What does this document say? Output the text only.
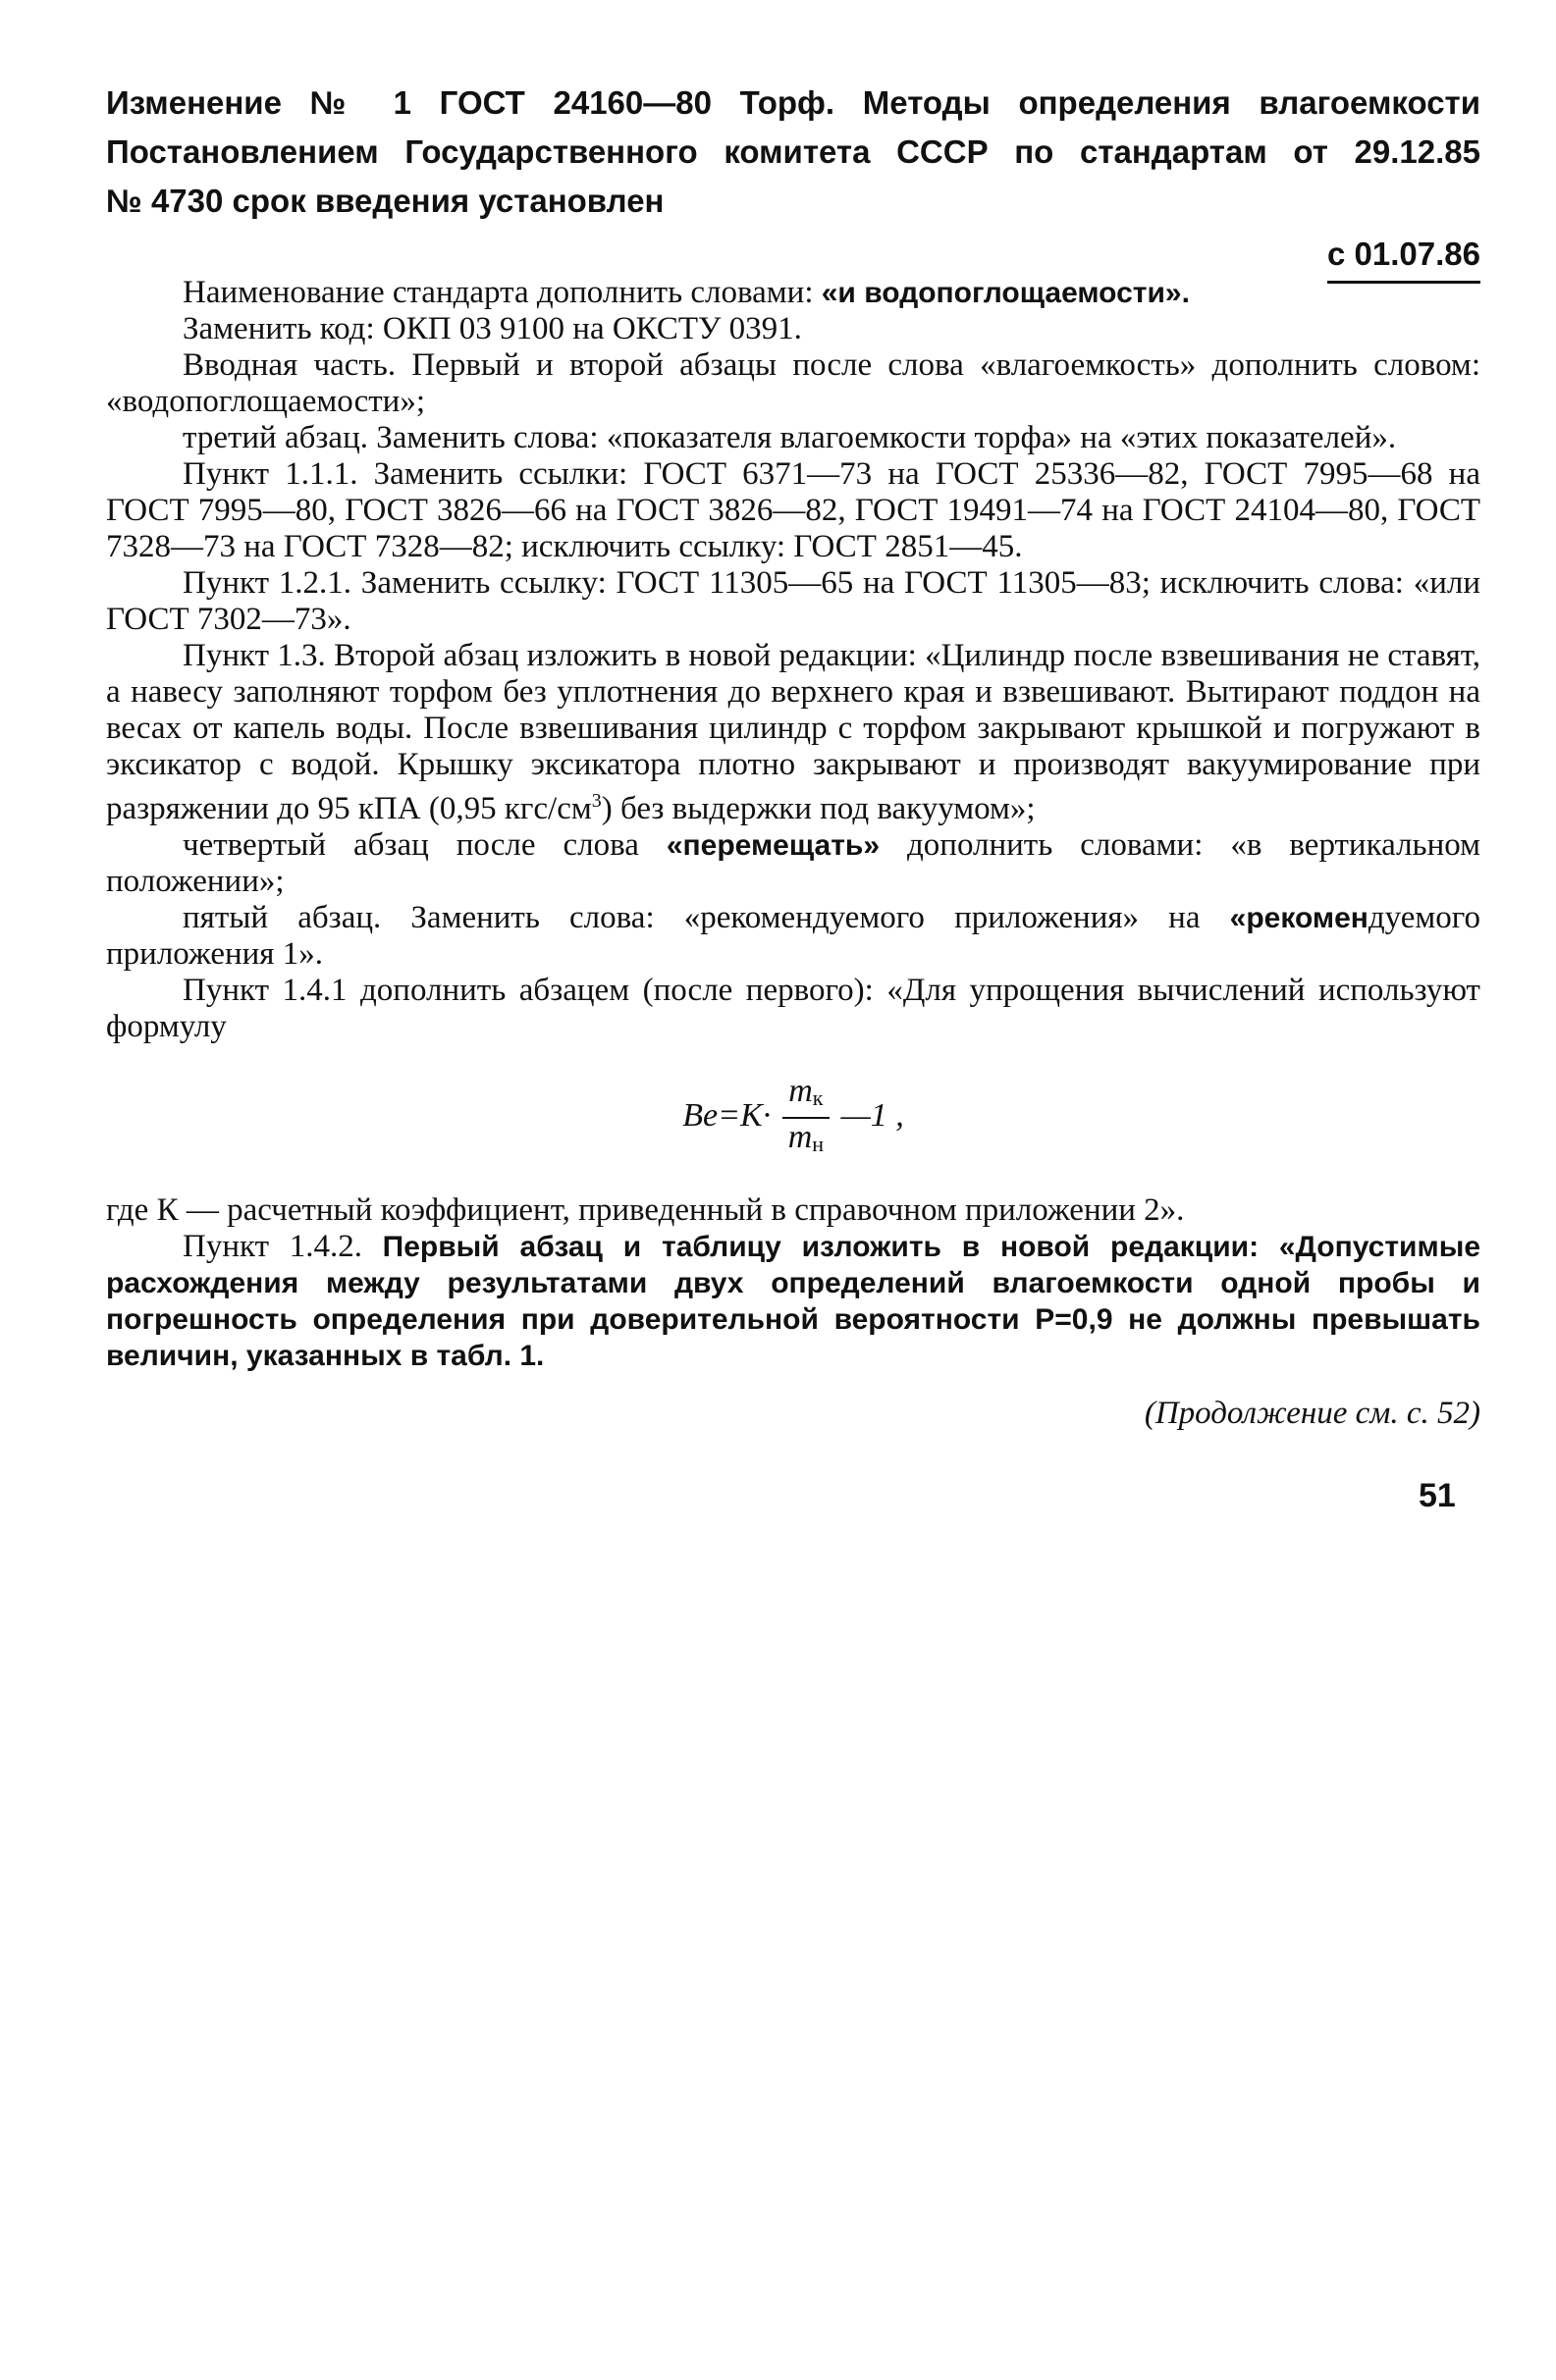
Изменение № 1 ГОСТ 24160—80 Торф. Методы определения влагоемкости
Постановлением Государственного комитета СССР по стандартам от 29.12.85
№ 4730 срок введения установлен
с 01.07.86

Наименование стандарта дополнить словами: «и водопоглощаемости».

Заменить код: ОКП 03 9100 на ОКСТУ 0391.

Вводная часть. Первый и второй абзацы после слова «влагоемкость» дополнить словом: «водопоглощаемости»;

третий абзац. Заменить слова: «показателя влагоемкости торфа» на «этих показателей».

Пункт 1.1.1. Заменить ссылки: ГОСТ 6371—73 на ГОСТ 25336—82, ГОСТ 7995—68 на ГОСТ 7995—80, ГОСТ 3826—66 на ГОСТ 3826—82, ГОСТ 19491—74 на ГОСТ 24104—80, ГОСТ 7328—73 на ГОСТ 7328—82; исключить ссылку: ГОСТ 2851—45.

Пункт 1.2.1. Заменить ссылку: ГОСТ 11305—65 на ГОСТ 11305—83; исключить слова: «или ГОСТ 7302—73».

Пункт 1.3. Второй абзац изложить в новой редакции: «Цилиндр после взвешивания не ставят, а навесу заполняют торфом без уплотнения до верхнего края и взвешивают. Вытирают поддон на весах от капель воды. После взвешивания цилиндр с торфом закрывают крышкой и погружают в эксикатор с водой. Крышку эксикатора плотно закрывают и производят вакуумирование при разряжении до 95 кПА (0,95 кгс/$см^3$) без выдержки под вакуумом»;

четвертый абзац после слова «перемещать» дополнить словами: «в вертикальном положении»;

пятый абзац. Заменить слова: «рекомендуемого приложения» на «рекомендуемого приложения 1».

Пункт 1.4.1 дополнить абзацем (после первого): «Для упрощения вычислений используют формулу

$Be=K\cdot \frac{mк}{mн}$ —1 ,

где К — расчетный коэффициент, приведенный в справочном приложении 2».

Пункт 1.4.2. Первый абзац и таблицу изложить в новой редакции: «Допустимые расхождения между результатами двух определений влагоемкости одной пробы и погрешность определения при доверительной вероятности Р=0,9 не должны превышать величин, указанных в табл. 1.

(Продолжение см. с. 52)
51
